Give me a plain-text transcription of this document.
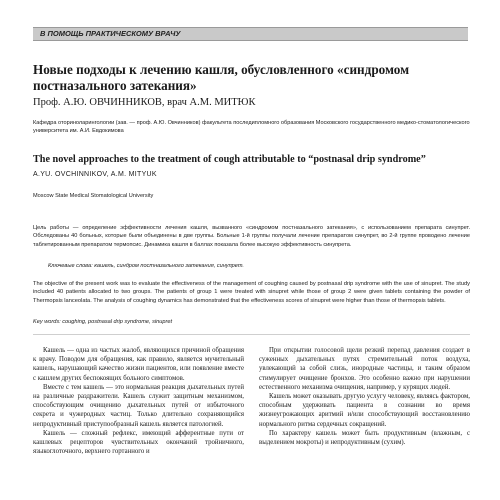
В ПОМОЩЬ ПРАКТИЧЕСКОМУ ВРАЧУ
Новые подходы к лечению кашля, обусловленного «синдромом постназального затекания»
Проф. А.Ю. ОВЧИННИКОВ, врач А.М. МИТЮК
Кафедра оториноларингологии (зав. — проф. А.Ю. Овчинников) факультета последипломного образования Московского государственного медико-стоматологического университета им. А.И. Евдокимова
The novel approaches to the treatment of cough attributable to “postnasal drip syndrome”
A.YU. OVCHINNIKOV, A.M. MITYUK
Moscow State Medical Stomatological University
Цель работы — определение эффективности лечения кашля, вызванного «синдромом постназального затекания», с использованием препарата синупрет. Обследованы 40 больных, которые были объединены в две группы. Больные 1-й группы получали лечение препаратом синупрет, во 2-й группе проводено лечение таблетированным препаратом термопсис. Динамика кашля в баллах показала более высокую эффективность синупрета.
Ключевые слова: кашель, синдром постназального затекания, синупрет.
The objective of the present work was to evaluate the effectiveness of the management of coughing caused by postnasal drip syndrome with the use of sinupret. The study included 40 patients allocated to two groups. The patients of group 1 were treated with sinupret while those of group 2 were given tablets containing the powder of Thermopsis lanceolata. The analysis of coughing dynamics has demonstrated that the effectiveness scores of sinupret were higher than those of thermopsis tablets.
Key words: coughing, postnasal drip syndrome, sinupret

Кашель — одна из частых жалоб, являющихся причиной обращения к врачу. Поводом для обращения, как правило, является мучительный кашель, нарушающий качество жизни пациентов, или появление вместе с кашлем других беспокоящих больного симптомов.

Вместе с тем кашель — это нормальная реакция дыхательных путей на различные раздражители. Кашель служит защитным механизмом, способствующим очищению дыхательных путей от избыточного секрета и чужеродных частиц. Только длительно сохраняющийся непродуктивный приступообразный кашель является патологией.

Кашель — сложный рефлекс, имеющий афферентные пути от кашлевых рецепторов чувствительных окончаний тройничного, языкоглоточного, верхнего гортанного и

При открытии голосовой щели резкий перепад давления создает в суженных дыхательных путях стремительный поток воздуха, увлекающий за собой слизь, инородные частицы, и таким образом стимулирует очищение бронхов. Это особенно важно при нарушении естественного механизма очищения, например, у курящих людей.

Кашель может оказывать другую услугу человеку, являясь фактором, способным удерживать пациента в сознании во время жизнеугрожающих аритмий и/или способствующий восстановлению нормального ритма сердечных сокращений.

По характеру кашель может быть продуктивным (влажным, с выделением мокроты) и непродуктивным (сухим).
